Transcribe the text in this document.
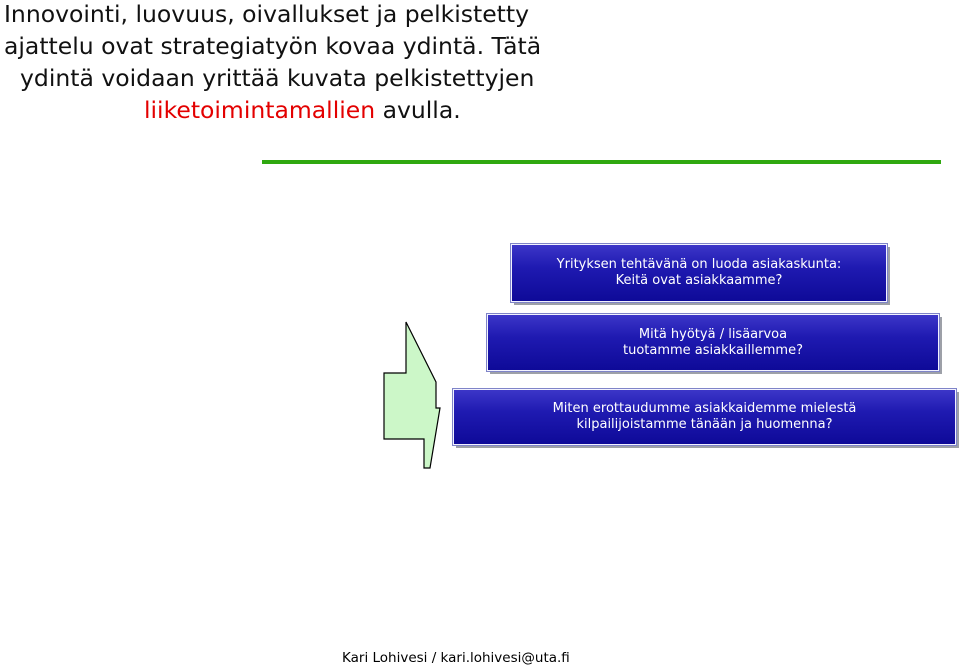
Innovointi, luovuus, oivallukset ja pelkistetty
ajattelu ovat strategiatyön kovaa ydintä. Tätä
ydintä voidaan yrittää kuvata pelkistettyjen
liiketoimintamallien avulla.
Yrityksen tehtävänä on luoda asiakaskunta:
Keitä ovat asiakkaamme?
Mitä hyötyä / lisäarvoa
tuotamme asiakkaillemme?
Miten erottaudumme asiakkaidemme mielestä
kilpailijoistamme tänään ja huomenna?
Kari Lohivesi / kari.lohivesi@uta.fi
